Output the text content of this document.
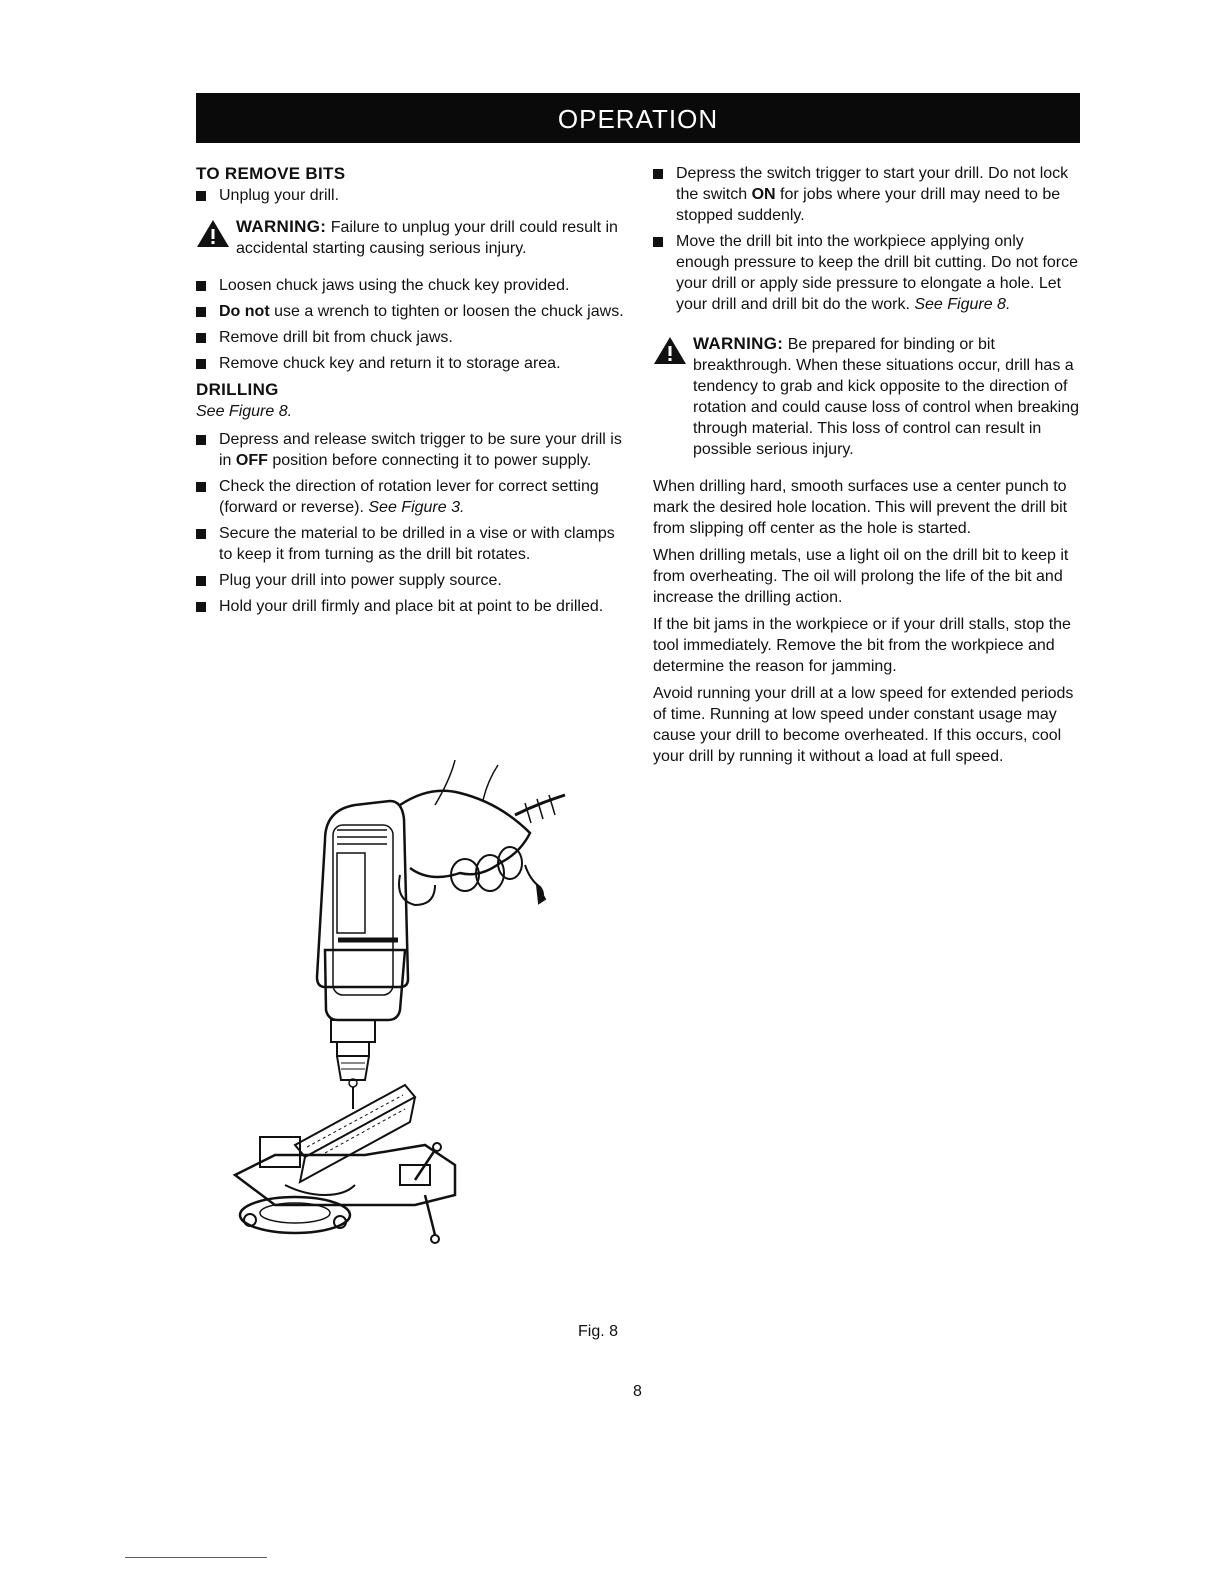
OPERATION
TO REMOVE BITS
Unplug your drill.
WARNING: Failure to unplug your drill could result in accidental starting causing serious injury.
Loosen chuck jaws using the chuck key provided.
Do not use a wrench to tighten or loosen the chuck jaws.
Remove drill bit from chuck jaws.
Remove chuck key and return it to storage area.
DRILLING
See Figure 8.
Depress and release switch trigger to be sure your drill is in OFF position before connecting it to power supply.
Check the direction of rotation lever for correct setting (forward or reverse). See Figure 3.
Secure the material to be drilled in a vise or with clamps to keep it from turning as the drill bit rotates.
Plug your drill into power supply source.
Hold your drill firmly and place bit at point to be drilled.
Depress the switch trigger to start your drill. Do not lock the switch ON for jobs where your drill may need to be stopped suddenly.
Move the drill bit into the workpiece applying only enough pressure to keep the drill bit cutting. Do not force your drill or apply side pressure to elongate a hole. Let your drill and drill bit do the work. See Figure 8.
WARNING: Be prepared for binding or bit breakthrough. When these situations occur, drill has a tendency to grab and kick opposite to the direction of rotation and could cause loss of control when breaking through material. This loss of control can result in possible serious injury.

When drilling hard, smooth surfaces use a center punch to mark the desired hole location. This will prevent the drill bit from slipping off center as the hole is started.

When drilling metals, use a light oil on the drill bit to keep it from overheating. The oil will prolong the life of the bit and increase the drilling action.

If the bit jams in the workpiece or if your drill stalls, stop the tool immediately. Remove the bit from the workpiece and determine the reason for jamming.

Avoid running your drill at a low speed for extended periods of time. Running at low speed under constant usage may cause your drill to become overheated. If this occurs, cool your drill by running it without a load at full speed.

Fig. 8
8
